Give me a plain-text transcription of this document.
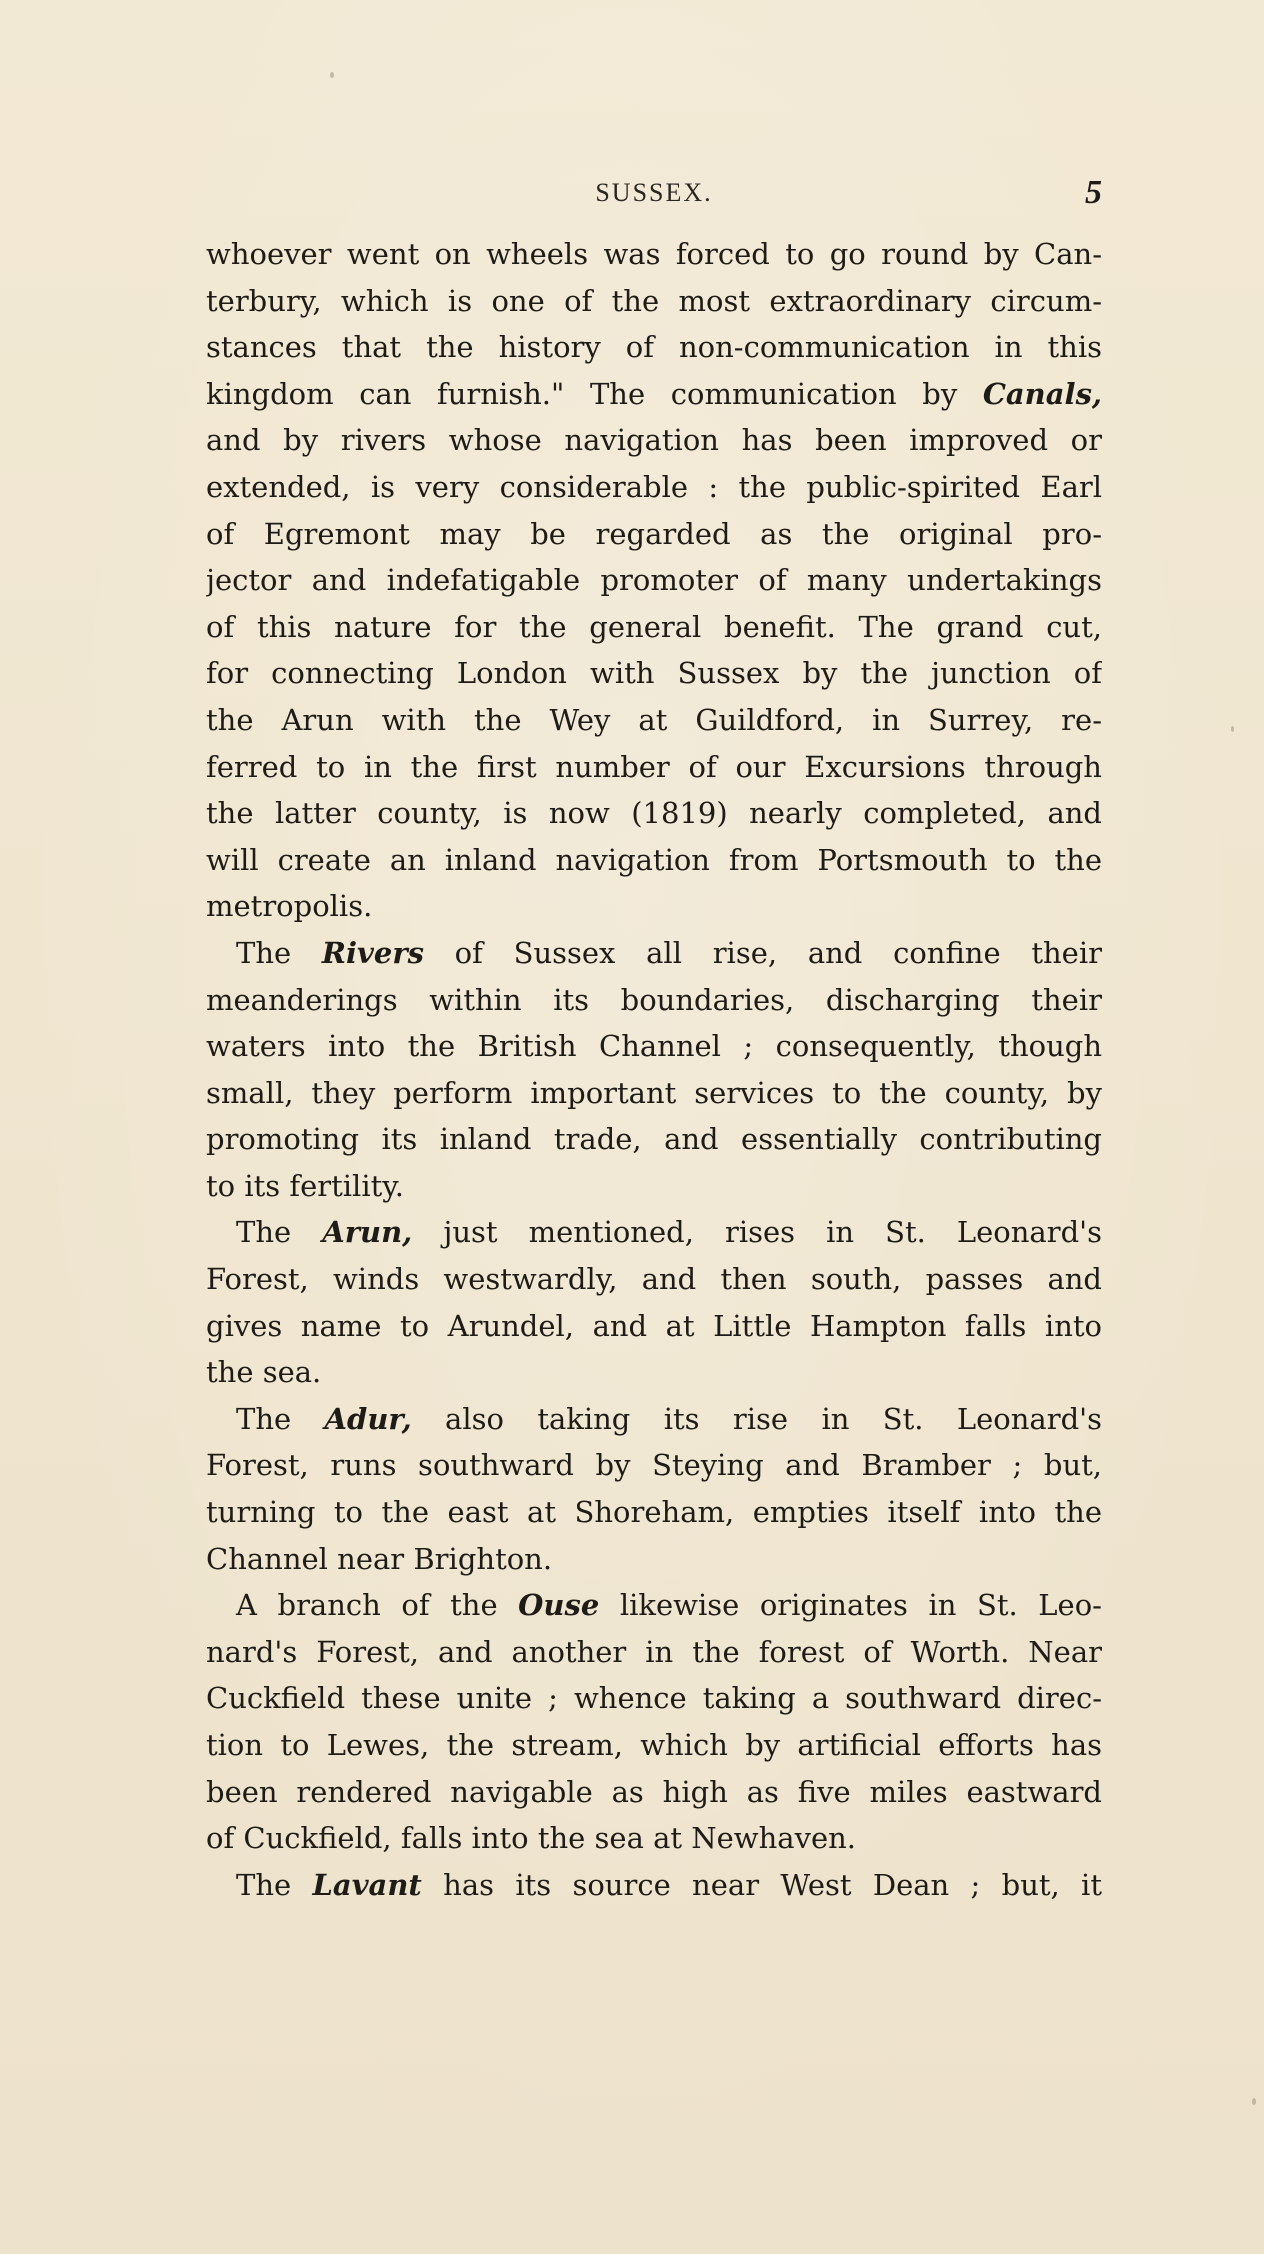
SUSSEX.	5
whoever went on wheels was forced to go round by Can-
terbury, which is one of the most extraordinary circum-
stances that the history of non-communication in this
kingdom can furnish." The communication by Canals,
and by rivers whose navigation has been improved or
extended, is very considerable : the public-spirited Earl
of Egremont may be regarded as the original pro-
jector and indefatigable promoter of many undertakings
of this nature for the general benefit. The grand cut,
for connecting London with Sussex by the junction of
the Arun with the Wey at Guildford, in Surrey, re-
ferred to in the first number of our Excursions through
the latter county, is now (1819) nearly completed, and
will create an inland navigation from Portsmouth to the
metropolis.
The Rivers of Sussex all rise, and confine their
meanderings within its boundaries, discharging their
waters into the British Channel ; consequently, though
small, they perform important services to the county, by
promoting its inland trade, and essentially contributing
to its fertility.
The Arun, just mentioned, rises in St. Leonard's
Forest, winds westwardly, and then south, passes and
gives name to Arundel, and at Little Hampton falls into
the sea.
The Adur, also taking its rise in St. Leonard's
Forest, runs southward by Steying and Bramber ; but,
turning to the east at Shoreham, empties itself into the
Channel near Brighton.
A branch of the Ouse likewise originates in St. Leo-
nard's Forest, and another in the forest of Worth. Near
Cuckfield these unite ; whence taking a southward direc-
tion to Lewes, the stream, which by artificial efforts has
been rendered navigable as high as five miles eastward
of Cuckfield, falls into the sea at Newhaven.
The Lavant has its source near West Dean ; but, it
